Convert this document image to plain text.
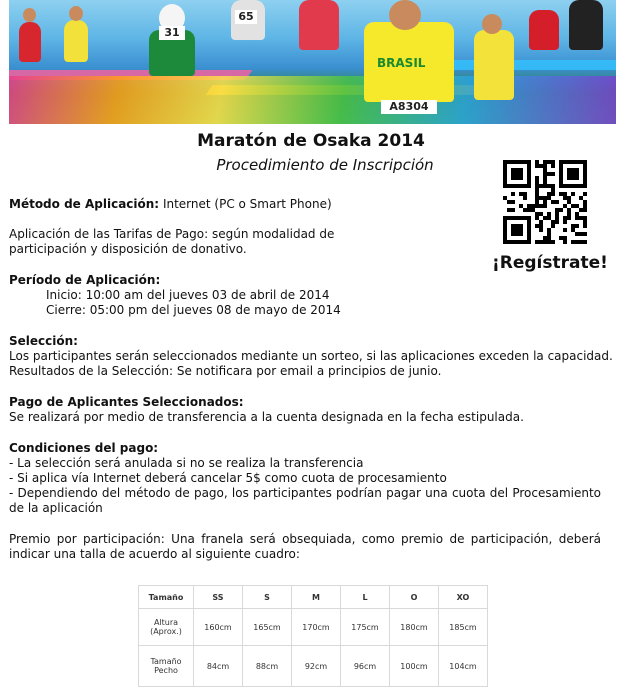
31
65
BRASIL
A8304
Maratón de Osaka 2014
Procedimiento de Inscripción
¡Regístrate!
Método de Aplicación: Internet (PC o Smart Phone)
Aplicación de las Tarifas de Pago: según modalidad de
participación y disposición de donativo.
Período de Aplicación:
Inicio: 10:00 am del jueves 03 de abril de 2014
Cierre: 05:00 pm del jueves 08 de mayo de 2014
Selección:
Los participantes serán seleccionados mediante un sorteo, si las aplicaciones exceden la capacidad.
Resultados de la Selección: Se notificara por email a principios de junio.
Pago de Aplicantes Seleccionados:
Se realizará por medio de transferencia a la cuenta designada en la fecha estipulada.
Condiciones del pago:
- La selección será anulada si no se realiza la transferencia
- Si aplica vía Internet deberá cancelar 5$ como cuota de procesamiento
- Dependiendo del método de pago, los participantes podrían pagar una cuota del Procesamiento de la aplicación
Premio por participación: Una franela será obsequiada, como premio de participación, deberá indicar una talla de acuerdo al siguiente cuadro:
Tamaño	SS	S	M	L	O	XO

Altura
(Aprox.)	160cm	165cm	170cm	175cm	180cm	185cm

Tamaño
Pecho	84cm	88cm	92cm	96cm	100cm	104cm
